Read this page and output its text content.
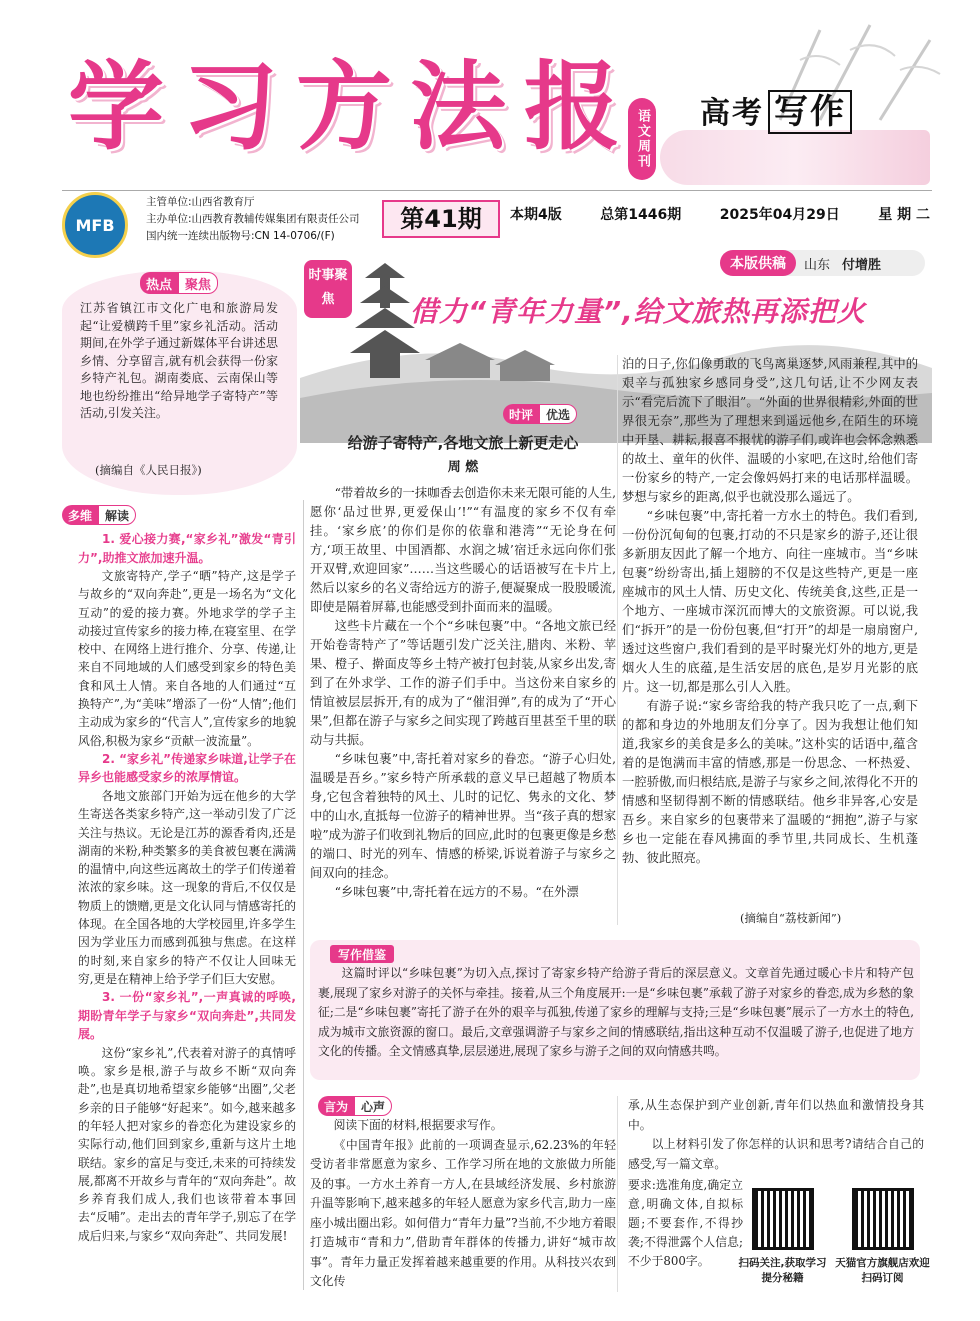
学 习 方 法 报 语文周刊 高考 写作
MFB
主管单位:山西省教育厅
主办单位:山西教育教辅传媒集团有限责任公司
国内统一连续出版物号:CN 14-0706/(F)
第41期	本期4版	总第1446期	2025年04月29日	星 期 二
热点	聚焦
江苏省镇江市文化广电和旅游局发起“让爱横跨千里”家乡礼活动。活动期间,在外学子通过新媒体平台讲述思乡情、分享留言,就有机会获得一份家乡特产礼包。湖南娄底、云南保山等地也纷纷推出“给异地学子寄特产”等活动,引发关注。
(摘编自《人民日报》)
时事聚焦	借力“青年力量”,给文旅热再添把火
本版供稿	山东 付增胜
时评	优选
给游子寄特产,各地文旅上新更走心
周 燃

“带着故乡的一抹咖香去创造你未来无限可能的人生,愿你‘品过世界,更爱保山’!”“有温度的家乡不仅有牵挂。‘家乡底’的你们是你的依靠和港湾”“无论身在何方,‘项王故里、中国酒都、水润之城’宿迁永远向你们张开双臂,欢迎回家”……当这些暖心的话语被写在卡片上,然后以家乡的名义寄给远方的游子,便凝聚成一股股暖流,即使是隔着屏幕,也能感受到扑面而来的温暖。

这些卡片藏在一个个“乡味包裹”中。“各地文旅已经开始卷寄特产了”等话题引发广泛关注,腊肉、米粉、苹果、橙子、擀面皮等乡土特产被打包封装,从家乡出发,寄到了在外求学、工作的游子们手中。当这份来自家乡的情谊被层层拆开,有的成为了“催泪弹”,有的成为了“开心果”,但都在游子与家乡之间实现了跨越百里甚至千里的联动与共振。

“乡味包裹”中,寄托着对家乡的眷恋。“游子心归处,温暖是吾乡。”家乡特产所承载的意义早已超越了物质本身,它包含着独特的风土、儿时的记忆、隽永的文化、梦中的山水,直抵每一位游子的精神世界。当“孩子真的想家啦”成为游子们收到礼物后的回应,此时的包裹更像是乡愁的端口、时光的列车、情感的桥梁,诉说着游子与家乡之间双向的挂念。

“乡味包裹”中,寄托着在远方的不易。“在外漂

泊的日子,你们像勇敢的飞鸟离巢逐梦,风雨兼程,其中的艰辛与孤独家乡感同身受”,这几句话,让不少网友表示“看完后流下了眼泪”。“外面的世界很精彩,外面的世界很无奈”,那些为了理想来到遥远他乡,在陌生的环境中开垦、耕耘,报喜不报忧的游子们,或许也会怀念熟悉的故土、童年的伙伴、温暖的小家吧,在这时,给他们寄一份家乡的特产,一定会像妈妈打来的电话那样温暖。梦想与家乡的距离,似乎也就没那么遥远了。

“乡味包裹”中,寄托着一方水土的特色。我们看到,一份份沉甸甸的包裹,打动的不只是家乡的游子,还让很多新朋友因此了解一个地方、向往一座城市。当“乡味包裹”纷纷寄出,插上翅膀的不仅是这些特产,更是一座座城市的风土人情、历史文化、传统美食,这些,正是一个地方、一座城市深沉而博大的文旅资源。可以说,我们“拆开”的是一份份包裹,但“打开”的却是一扇扇窗户,透过这些窗户,我们看到的是平时聚光灯外的地方,更是烟火人生的底蕴,是生活安居的底色,是岁月光影的底片。这一切,都是那么引人入胜。

有游子说:“家乡寄给我的特产我只吃了一点,剩下的都和身边的外地朋友们分享了。因为我想让他们知道,我家乡的美食是多么的美味。”这朴实的话语中,蕴含着的是饱满而丰富的情感,那是一份思念、一杯热爱、一腔骄傲,而归根结底,是游子与家乡之间,浓得化不开的情感和坚韧得割不断的情感联结。他乡非异客,心安是吾乡。来自家乡的包裹带来了温暖的“拥抱”,游子与家乡也一定能在春风拂面的季节里,共同成长、生机蓬勃、彼此照亮。

(摘编自“荔枝新闻”)
多维	解读
1. 爱心接力赛,“家乡礼”激发“青引力”,助推文旅加速升温。

文旅寄特产,学子“晒”特产,这是学子与故乡的“双向奔赴”,更是一场名为“文化互动”的爱的接力赛。外地求学的学子主动接过宣传家乡的接力棒,在寝室里、在学校中、在网络上进行推介、分享、传递,让来自不同地域的人们感受到家乡的特色美食和风土人情。来自各地的人们通过“互换特产”,为“美味”增添了一份“人情”;他们主动成为家乡的“代言人”,宣传家乡的地貌风俗,积极为家乡“贡献一波流量”。

2. “家乡礼”传递家乡味道,让学子在异乡也能感受家乡的浓厚情谊。

各地文旅部门开始为远在他乡的大学生寄送各类家乡特产,这一举动引发了广泛关注与热议。无论是江苏的源香肴肉,还是湖南的米粉,种类繁多的美食被包裹在满满的温情中,向这些远离故土的学子们传递着浓浓的家乡味。这一现象的背后,不仅仅是物质上的馈赠,更是文化认同与情感寄托的体现。在全国各地的大学校园里,许多学生因为学业压力而感到孤独与焦虑。在这样的时刻,来自家乡的特产不仅让人回味无穷,更是在精神上给予学子们巨大安慰。

3. 一份“家乡礼”,一声真诚的呼唤,期盼青年学子与家乡“双向奔赴”,共同发展。

这份“家乡礼”,代表着对游子的真情呼唤。家乡是根,游子与故乡不断“双向奔赴”,也是真切地希望家乡能够“出圈”,父老乡亲的日子能够“好起来”。如今,越来越多的年轻人把对家乡的眷恋化为建设家乡的实际行动,他们回到家乡,重新与这片土地联结。家乡的富足与变迁,未来的可持续发展,都离不开故乡与青年的“双向奔赴”。故乡养育我们成人,我们也该带着本事回去“反哺”。走出去的青年学子,别忘了在学成后归来,与家乡“双向奔赴”、共同发展!

写作借鉴

这篇时评以“乡味包裹”为切入点,探讨了寄家乡特产给游子背后的深层意义。文章首先通过暖心卡片和特产包裹,展现了家乡对游子的关怀与牵挂。接着,从三个角度展开:一是“乡味包裹”承载了游子对家乡的眷恋,成为乡愁的象征;二是“乡味包裹”寄托了游子在外的艰辛与孤独,传递了家乡的理解与支持;三是“乡味包裹”展示了一方水土的特色,成为城市文旅资源的窗口。最后,文章强调游子与家乡之间的情感联结,指出这种互动不仅温暖了游子,也促进了地方文化的传播。全文情感真挚,层层递进,展现了家乡与游子之间的双向情感共鸣。

言为	心声

阅读下面的材料,根据要求写作。

《中国青年报》此前的一项调查显示,62.23%的年轻受访者非常愿意为家乡、工作学习所在地的文旅做力所能及的事。一方水土养育一方人,在县域经济发展、乡村旅游升温等影响下,越来越多的年轻人愿意为家乡代言,助力一座座小城出圈出彩。如何借力“青年力量”?当前,不少地方着眼打造城市“青和力”,借助青年群体的传播力,讲好“城市故事”。青年力量正发挥着越来越重要的作用。从科技兴农到文化传

承,从生态保护到产业创新,青年们以热血和激情投身其中。

以上材料引发了你怎样的认识和思考?请结合自己的感受,写一篇文章。

要求:选准角度,确定立意,明确文体,自拟标题;不要套作,不得抄袭;不得泄露个人信息;不少于800字。	扫码关注,获取学习提分秘籍
天猫官方旗舰店欢迎扫码订阅
